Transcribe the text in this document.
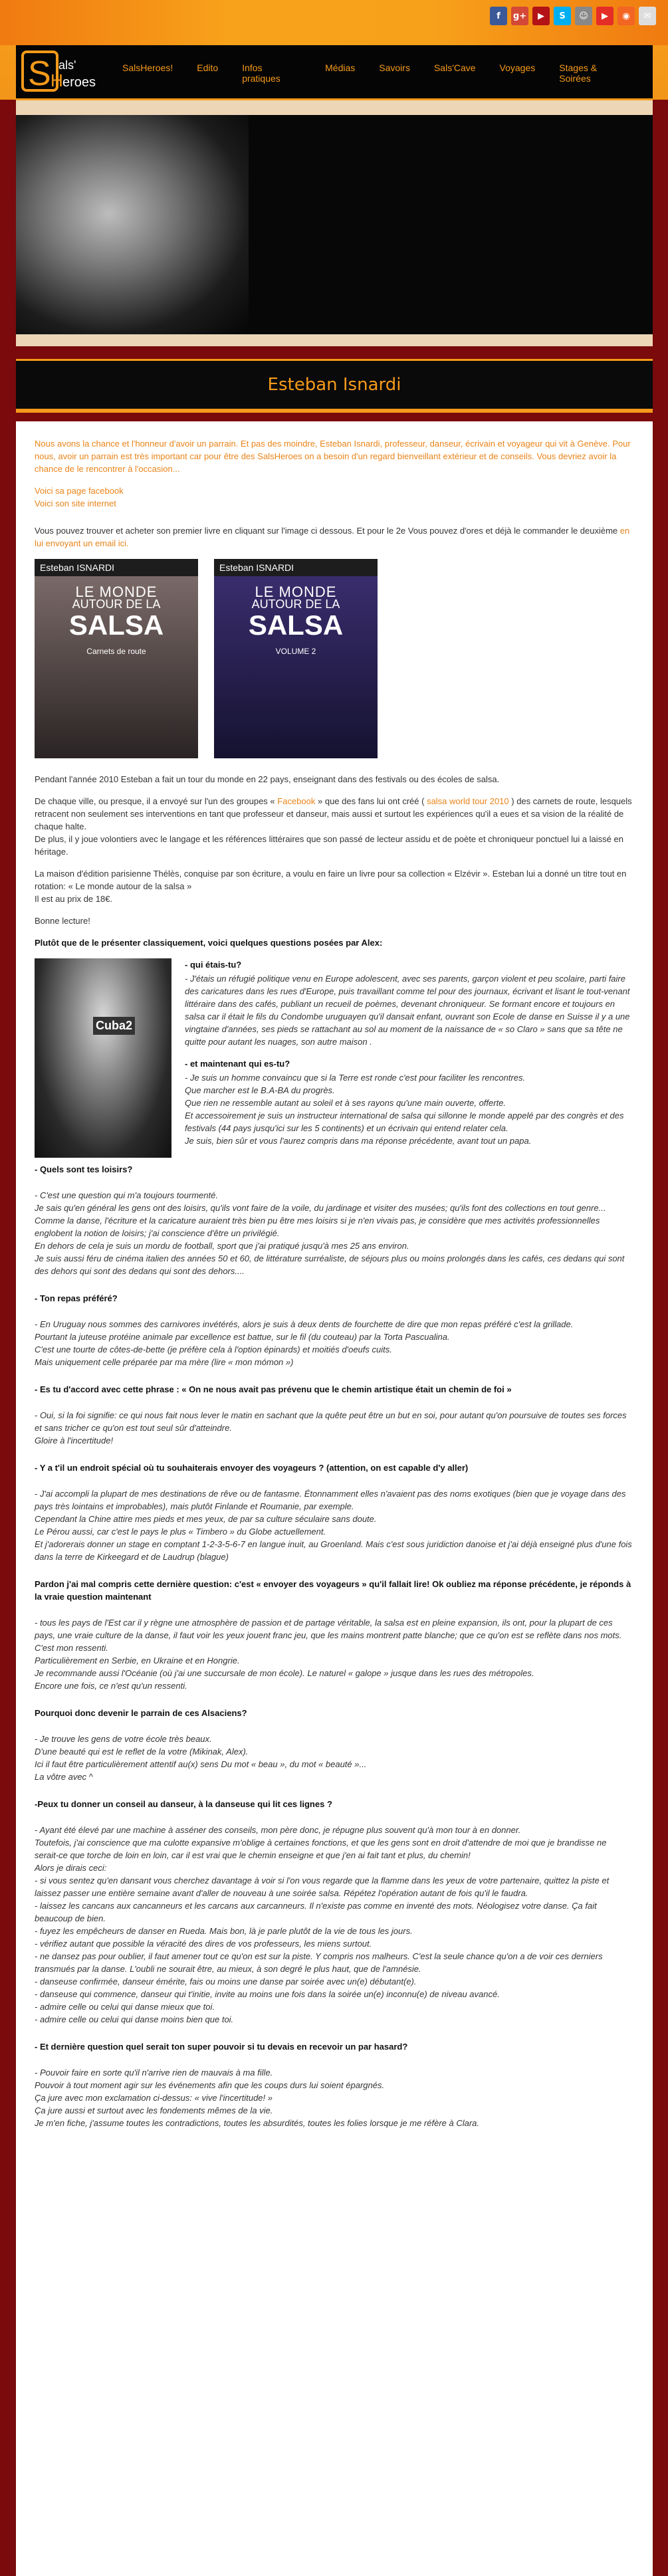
f	g+	▶	S	☺	▶	◉	✉
S als'
H eroes
SalsHeroes!	Edito	Infos pratiques
Médias	Savoirs	Sals'Cave	Voyages	Stages & Soirées
Esteban Isnardi

Nous avons la chance et l'honneur d'avoir un parrain. Et pas des moindre, Esteban Isnardi, professeur, danseur, écrivain et voyageur qui vit à Genève. Pour nous, avoir un parrain est très important car pour être des SalsHeroes on a besoin d'un regard bienveillant extérieur et de conseils. Vous devriez avoir la chance de le rencontrer à l'occasion...

Voici sa page facebook
Voici son site internet

Vous pouvez trouver et acheter son premier livre en cliquant sur l'image ci dessous. Et pour le 2e Vous pouvez d'ores et déjà le commander le deuxième en lui envoyant un email ici.

Esteban ISNARDI
LE MONDE
AUTOUR DE LA
SALSA
Carnets de route
Esteban ISNARDI
LE MONDE
AUTOUR DE LA
SALSA
VOLUME 2

Pendant l'année 2010 Esteban a fait un tour du monde en 22 pays, enseignant dans des festivals ou des écoles de salsa.

De chaque ville, ou presque, il a envoyé sur l'un des groupes « Facebook » que des fans lui ont créé ( salsa world tour 2010 ) des carnets de route, lesquels retracent non seulement ses interventions en tant que professeur et danseur, mais aussi et surtout les expériences qu'il a eues et sa vision de la réalité de chaque halte.
De plus, il y joue volontiers avec le langage et les références littéraires que son passé de lecteur assidu et de poète et chroniqueur ponctuel lui a laissé en héritage.

La maison d'édition parisienne Thélès, conquise par son écriture, a voulu en faire un livre pour sa collection « Elzévir ». Esteban lui a donné un titre tout en rotation: « Le monde autour de la salsa »
Il est au prix de 18€.

Bonne lecture!

Plutôt que de le présenter classiquement, voici quelques questions posées par Alex:

Cuba2

- qui étais-tu?

- J'étais un réfugié politique venu en Europe adolescent, avec ses parents, garçon violent et peu scolaire, parti faire des caricatures dans les rues d'Europe, puis travaillant comme tel pour des journaux, écrivant et lisant le tout-venant littéraire dans des cafés, publiant un recueil de poèmes, devenant chroniqueur. Se formant encore et toujours en salsa car il était le fils du Condombe uruguayen qu'il dansait enfant, ouvrant son Ecole de danse en Suisse il y a une vingtaine d'années, ses pieds se rattachant au sol au moment de la naissance de « so Claro » sans que sa tête ne quitte pour autant les nuages, son autre maison .

- et maintenant qui es-tu?

- Je suis un homme convaincu que si la Terre est ronde c'est pour faciliter les rencontres.
Que marcher est le B.A-BA du progrès.
Que rien ne ressemble autant au soleil et à ses rayons qu'une main ouverte, offerte.
Et accessoirement je suis un instructeur international de salsa qui sillonne le monde appelé par des congrès et des festivals (44 pays jusqu'ici sur les 5 continents) et un écrivain qui entend relater cela.
Je suis, bien sûr et vous l'aurez compris dans ma réponse précédente, avant tout un papa.

- Quels sont tes loisirs?

- C'est une question qui m'a toujours tourmenté.
Je sais qu'en général les gens ont des loisirs, qu'ils vont faire de la voile, du jardinage et visiter des musées; qu'ils font des collections en tout genre...
Comme la danse, l'écriture et la caricature auraient très bien pu être mes loisirs si je n'en vivais pas, je considère que mes activités professionnelles englobent la notion de loisirs; j'ai conscience d'être un privilégié.
En dehors de cela je suis un mordu de football, sport que j'ai pratiqué jusqu'à mes 25 ans environ.
Je suis aussi féru de cinéma italien des années 50 et 60, de littérature surréaliste, de séjours plus ou moins prolongés dans les cafés, ces dedans qui sont des dehors qui sont des dedans qui sont des dehors....

- Ton repas préféré?

- En Uruguay nous sommes des carnivores invétérés, alors je suis à deux dents de fourchette de dire que mon repas préféré c'est la grillade.
Pourtant la juteuse protéine animale par excellence est battue, sur le fil (du couteau) par la Torta Pascualina.
C'est une tourte de côtes-de-bette (je préfère cela à l'option épinards) et moitiés d'oeufs cuits.
Mais uniquement celle préparée par ma mère (lire « mon mómon »)

- Es tu d'accord avec cette phrase : « On ne nous avait pas prévenu que le chemin artistique était un chemin de foi »

- Oui, si la foi signifie: ce qui nous fait nous lever le matin en sachant que la quête peut être un but en soi, pour autant qu'on poursuive de toutes ses forces et sans tricher ce qu'on est tout seul sûr d'atteindre.
Gloire à l'incertitude!

- Y a t'il un endroit spécial où tu souhaiterais envoyer des voyageurs ? (attention, on est capable d'y aller)

- J'ai accompli la plupart de mes destinations de rêve ou de fantasme. Étonnamment elles n'avaient pas des noms exotiques (bien que je voyage dans des pays très lointains et improbables), mais plutôt Finlande et Roumanie, par exemple.
Cependant la Chine attire mes pieds et mes yeux, de par sa culture séculaire sans doute.
Le Pérou aussi, car c'est le pays le plus « Timbero » du Globe actuellement.
Et j'adorerais donner un stage en comptant 1-2-3-5-6-7 en langue inuit, au Groenland. Mais c'est sous juridiction danoise et j'ai déjà enseigné plus d'une fois dans la terre de Kirkeegard et de Laudrup (blague)

Pardon j'ai mal compris cette dernière question: c'est « envoyer des voyageurs » qu'il fallait lire! Ok oubliez ma réponse précédente, je réponds à la vraie question maintenant

- tous les pays de l'Est car il y règne une atmosphère de passion et de partage véritable, la salsa est en pleine expansion, ils ont, pour la plupart de ces pays, une vraie culture de la danse, il faut voir les yeux jouent franc jeu, que les mains montrent patte blanche; que ce qu'on est se reflète dans nos mots.
C'est mon ressenti.
Particulièrement en Serbie, en Ukraine et en Hongrie.
Je recommande aussi l'Océanie (où j'ai une succursale de mon école). Le naturel « galope » jusque dans les rues des métropoles.
Encore une fois, ce n'est qu'un ressenti.

Pourquoi donc devenir le parrain de ces Alsaciens?

- Je trouve les gens de votre école très beaux.
D'une beauté qui est le reflet de la votre (Mikinak, Alex).
Ici il faut être particulièrement attentif au(x) sens Du mot « beau », du mot « beauté »...
La vôtre avec ^

-Peux tu donner un conseil au danseur, à la danseuse qui lit ces lignes ?

- Ayant été élevé par une machine à asséner des conseils, mon père donc, je répugne plus souvent qu'à mon tour à en donner.
Toutefois, j'ai conscience que ma culotte expansive m'oblige à certaines fonctions, et que les gens sont en droit d'attendre de moi que je brandisse ne serait-ce que torche de loin en loin, car il est vrai que le chemin enseigne et que j'en ai fait tant et plus, du chemin!
Alors je dirais ceci:
- si vous sentez qu'en dansant vous cherchez davantage à voir si l'on vous regarde que la flamme dans les yeux de votre partenaire, quittez la piste et laissez passer une entière semaine avant d'aller de nouveau à une soirée salsa. Répétez l'opération autant de fois qu'il le faudra.
- laissez les cancans aux cancanneurs et les carcans aux carcanneurs. Il n'existe pas comme en inventé des mots. Néologisez votre danse. Ça fait beaucoup de bien.
- fuyez les empêcheurs de danser en Rueda. Mais bon, là je parle plutôt de la vie de tous les jours.
- vérifiez autant que possible la véracité des dires de vos professeurs, les miens surtout.
- ne dansez pas pour oublier, il faut amener tout ce qu'on est sur la piste. Y compris nos malheurs. C'est la seule chance qu'on a de voir ces derniers transmués par la danse. L'oubli ne sourait être, au mieux, à son degré le plus haut, que de l'amnésie.
- danseuse confirmée, danseur émérite, fais ou moins une danse par soirée avec un(e) débutant(e).
- danseuse qui commence, danseur qui t'initie, invite au moins une fois dans la soirée un(e) inconnu(e) de niveau avancé.
- admire celle ou celui qui danse mieux que toi.
- admire celle ou celui qui danse moins bien que toi.

- Et dernière question quel serait ton super pouvoir si tu devais en recevoir un par hasard?

- Pouvoir faire en sorte qu'il n'arrive rien de mauvais à ma fille.
Pouvoir à tout moment agir sur les événements afin que les coups durs lui soient épargnés.
Ça jure avec mon exclamation ci-dessus: « vive l'incertitude! »
Ça jure aussi et surtout avec les fondements mêmes de la vie.
Je m'en fiche, j'assume toutes les contradictions, toutes les absurdités, toutes les folies lorsque je me réfère à Clara.
